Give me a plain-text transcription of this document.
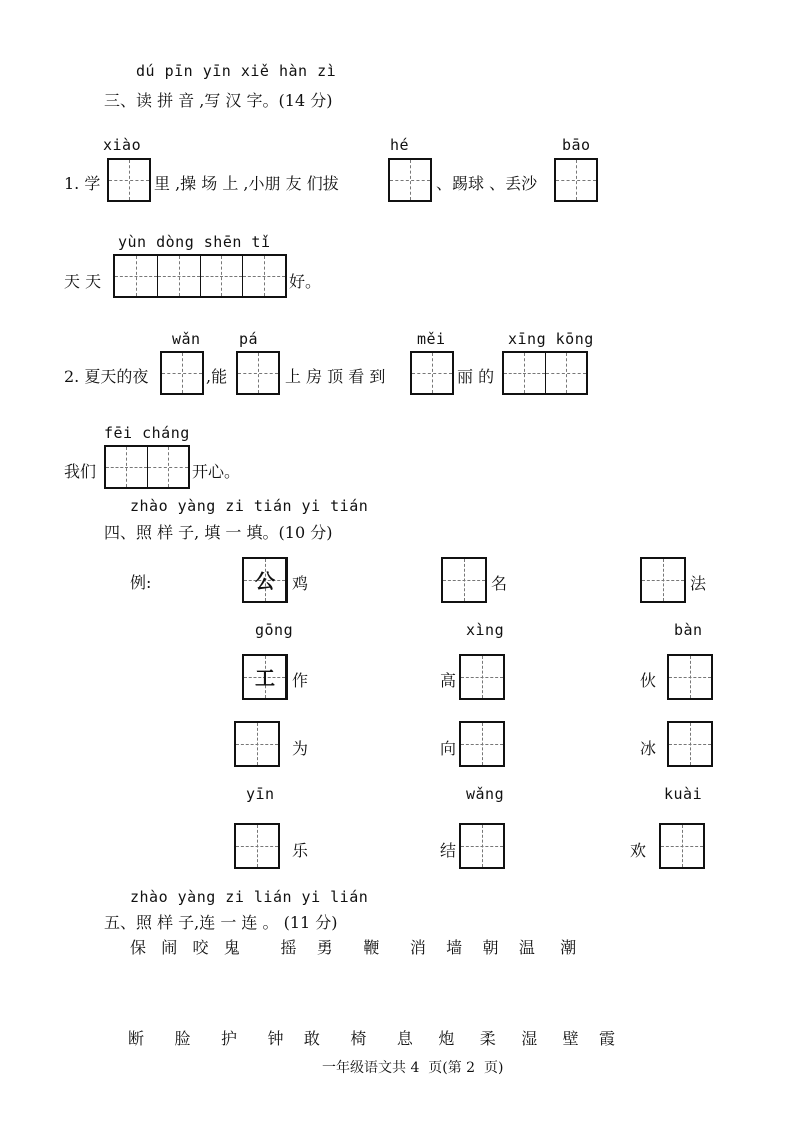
dú pīn yīn xiě hàn zì
三、读 拼 音 ,写 汉 字。(14 分)
xiào	hé	bāo
1. 学	里 ,操 场 上 ,小朋 友 们拔	、踢球 、丢沙
yùn dòng shēn tǐ
天 天	好。
wǎn	pá	měi	xīng kōng
2. 夏天的夜	,能	上 房 顶 看 到	丽 的
fēi cháng
我们	开心。
zhào yàng zi tián yi tián
四、照 样 子, 填 一 填。(10 分)
例:	公	鸡	名	法
gōng	xìng	bàn
工	作	高	伙
为	向	冰
yīn	wǎng	kuài
乐	结	欢
zhào yàng zi lián yi lián
五、照 样 子,连 一 连 。 (11 分)
保   闹   咬   鬼        摇    勇      鞭      消    墙    朝    温     潮
断      脸      护      钟    敢      椅      息     炮     柔     湿     壁    霞
一年级语文共 4  页(第 2  页)
